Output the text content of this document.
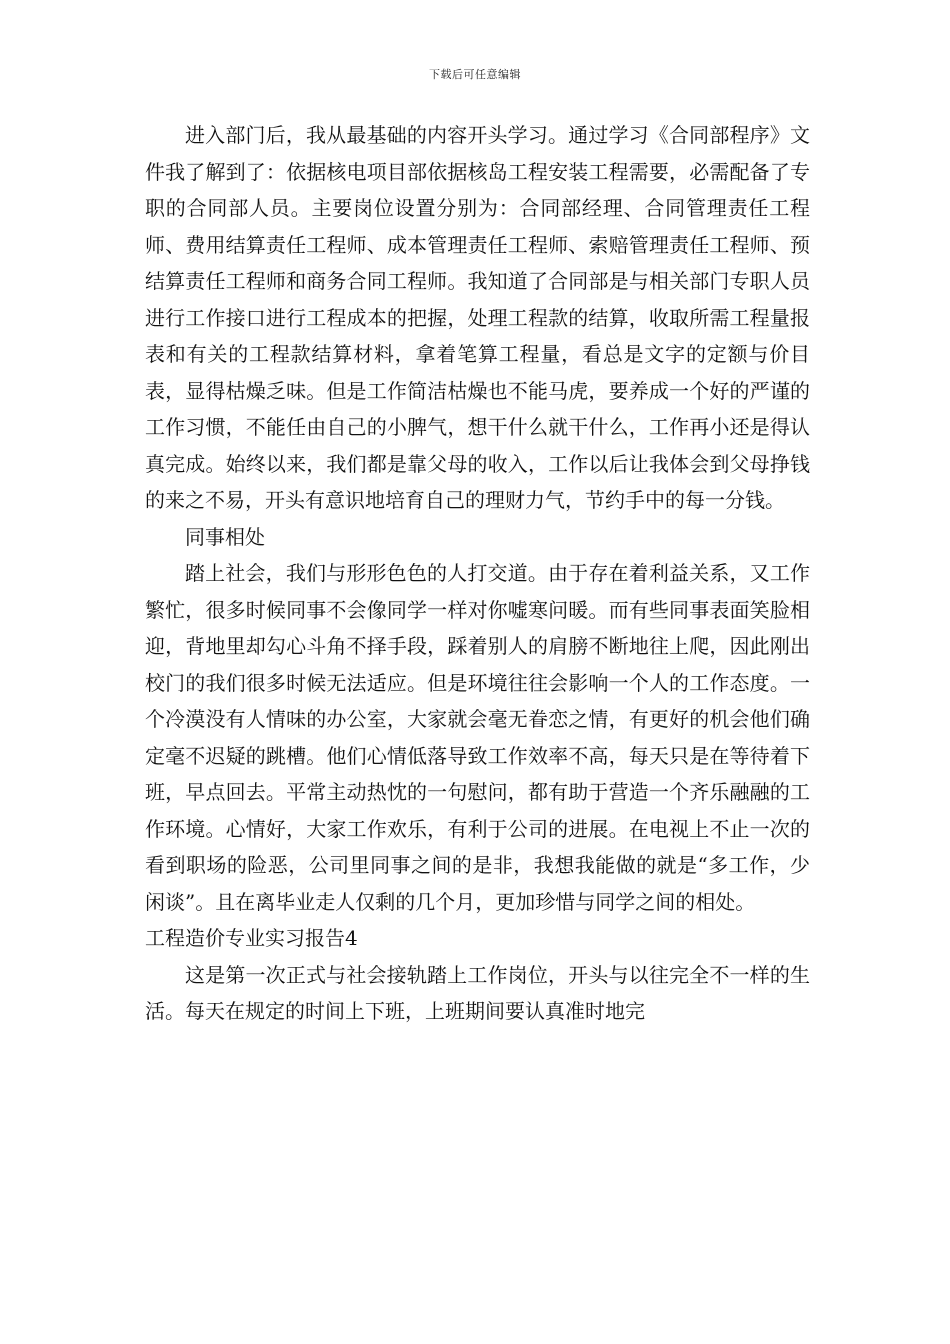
下载后可任意编辑

进入部门后，我从最基础的内容开头学习。通过学习《合同部程序》文件我了解到了：依据核电项目部依据核岛工程安装工程需要，必需配备了专职的合同部人员。主要岗位设置分别为：合同部经理、合同管理责任工程师、费用结算责任工程师、成本管理责任工程师、索赔管理责任工程师、预结算责任工程师和商务合同工程师。我知道了合同部是与相关部门专职人员进行工作接口进行工程成本的把握，处理工程款的结算，收取所需工程量报表和有关的工程款结算材料，拿着笔算工程量，看总是文字的定额与价目表，显得枯燥乏味。但是工作简洁枯燥也不能马虎，要养成一个好的严谨的工作习惯，不能任由自己的小脾气，想干什么就干什么，工作再小还是得认真完成。始终以来，我们都是靠父母的收入，工作以后让我体会到父母挣钱的来之不易，开头有意识地培育自己的理财力气，节约手中的每一分钱。

同事相处

踏上社会，我们与形形色色的人打交道。由于存在着利益关系，又工作繁忙，很多时候同事不会像同学一样对你嘘寒问暖。而有些同事表面笑脸相迎，背地里却勾心斗角不择手段，踩着别人的肩膀不断地往上爬，因此刚出校门的我们很多时候无法适应。但是环境往往会影响一个人的工作态度。一个冷漠没有人情味的办公室，大家就会毫无眷恋之情，有更好的机会他们确定毫不迟疑的跳槽。他们心情低落导致工作效率不高，每天只是在等待着下班，早点回去。平常主动热忱的一句慰问，都有助于营造一个齐乐融融的工作环境。心情好，大家工作欢乐，有利于公司的进展。在电视上不止一次的看到职场的险恶，公司里同事之间的是非，我想我能做的就是“多工作，少闲谈”。且在离毕业走人仅剩的几个月，更加珍惜与同学之间的相处。

工程造价专业实习报告4

这是第一次正式与社会接轨踏上工作岗位，开头与以往完全不一样的生活。每天在规定的时间上下班，上班期间要认真准时地完
